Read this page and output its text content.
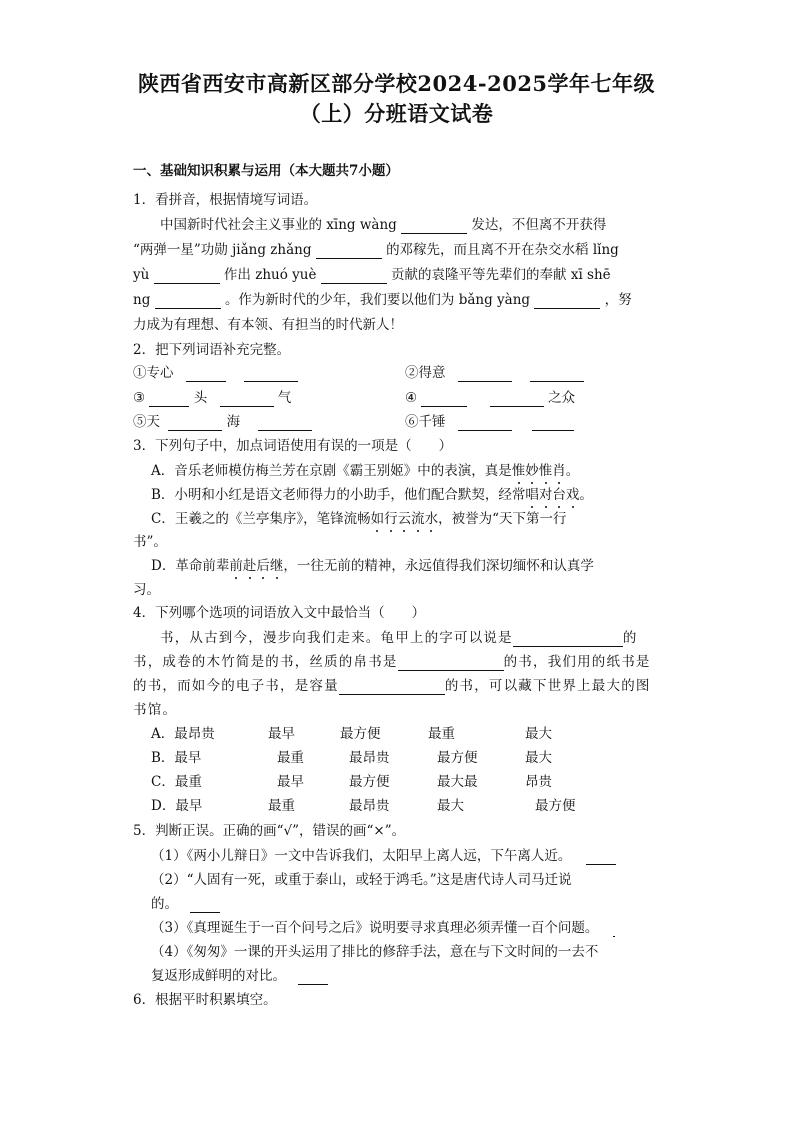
陕西省西安市高新区部分学校2024-2025学年七年级
（上）分班语文试卷
一、基础知识积累与运用（本大题共7小题）
1．看拼音，根据情境写词语。
中国新时代社会主义事业的 xīng wàng	发达，不但离不开获得
“两弹一星”功勋 jiǎng zhǎng	的邓稼先，而且离不开在杂交水稻 lǐng
yù	作出 zhuó yuè	贡献的袁隆平等先辈们的奉献 xī shē
ng	。作为新时代的少年，我们要以他们为 bǎng yàng	，努
力成为有理想、有本领、有担当的时代新人！
2．把下列词语补充完整。
①专心	②得意
③	头	气	④	之众
⑤天	海	⑥千锤
3．下列句子中，加点词语使用有误的一项是（　　）
A．音乐老师模仿梅兰芳在京剧《霸王别姬》中的表演，真是惟妙惟肖。
B．小明和小红是语文老师得力的小助手，他们配合默契，经常唱对台戏。
C．王羲之的《兰亭集序》，笔锋流畅如行云流水，被誉为“天下第一行
书”。
D．革命前辈前赴后继，一往无前的精神，永远值得我们深切缅怀和认真学
习。
4．下列哪个选项的词语放入文中最恰当（　　）
书，从古到今，漫步向我们走来。龟甲上的字可以说是	的
书，成卷的木竹简是的书，丝质的帛书是	的书，我们用的纸书是
的书，而如今的电子书，是容量	的书，可以藏下世界上最大的图
书馆。
A．最昂贵	最早	最方便	最重	最大
B．最早	最重	最昂贵	最方便	最大
C．最重	最早	最方便	最大最	昂贵
D．最早	最重	最昂贵	最大	最方便
5．判断正误。正确的画“√”，错误的画“×”。
（1）《两小儿辩日》一文中告诉我们，太阳早上离人远，下午离人近。
（2）“人固有一死，或重于泰山，或轻于鸿毛。”这是唐代诗人司马迁说
的。
（3）《真理诞生于一百个问号之后》说明要寻求真理必须弄懂一百个问题。
（4）《匆匆》一课的开头运用了排比的修辞手法，意在与下文时间的一去不
复返形成鲜明的对比。
6．根据平时积累填空。
